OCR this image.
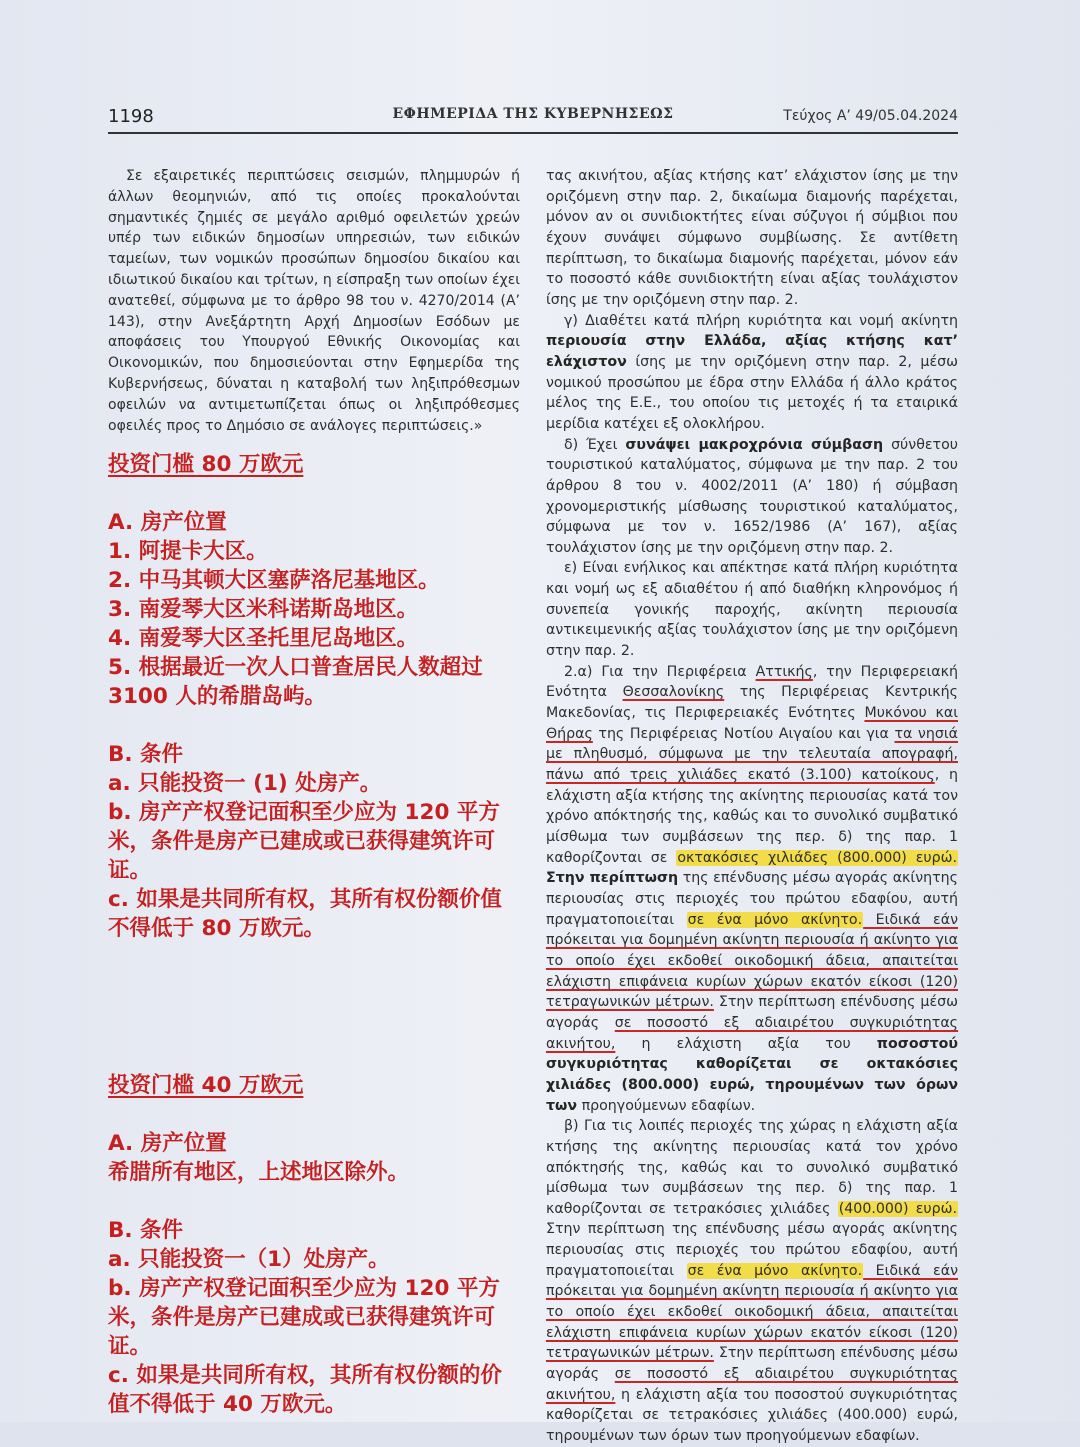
1198	ΕΦΗΜΕΡΙΔΑ ΤΗΣ ΚΥΒΕΡΝΗΣΕΩΣ	Τεύχος Α’ 49/05.04.2024

Σε εξαιρετικές περιπτώσεις σεισμών, πλημμυρών ή άλλων θεομηνιών, από τις οποίες προκαλούνται σημαντικές ζημιές σε μεγάλο αριθμό οφειλετών χρεών υπέρ των ειδικών δημοσίων υπηρεσιών, των ειδικών ταμείων, των νομικών προσώπων δημοσίου δικαίου και ιδιωτικού δικαίου και τρίτων, η είσπραξη των οποίων έχει ανατεθεί, σύμφωνα με το άρθρο 98 του ν. 4270/2014 (Α’ 143), στην Ανεξάρτητη Αρχή Δημοσίων Εσόδων με αποφάσεις του Υπουργού Εθνικής Οικονομίας και Οικονομικών, που δημοσιεύονται στην Εφημερίδα της Κυβερνήσεως, δύναται η καταβολή των ληξιπρόθεσμων οφειλών να αντιμετωπίζεται όπως οι ληξιπρόθεσμες οφειλές προς το Δημόσιο σε ανάλογες περιπτώσεις.»

投资门槛 80 万欧元

A. 房产位置

1. 阿提卡大区。

2. 中马其顿大区塞萨洛尼基地区。

3. 南爱琴大区米科诺斯岛地区。

4. 南爱琴大区圣托里尼岛地区。

5. 根据最近一次人口普查居民人数超过 3100 人的希腊岛屿。

B. 条件

a. 只能投资一 (1) 处房产。

b. 房产产权登记面积至少应为 120 平方米，条件是房产已建成或已获得建筑许可证。

c. 如果是共同所有权，其所有权份额价值不得低于 80 万欧元。

投资门槛 40 万欧元

A. 房产位置

希腊所有地区，上述地区除外。

B. 条件

a. 只能投资一（1）处房产。

b. 房产产权登记面积至少应为 120 平方米，条件是房产已建成或已获得建筑许可证。

c. 如果是共同所有权，其所有权份额的价值不得低于 40 万欧元。

τας ακινήτου, αξίας κτήσης κατ’ ελάχιστον ίσης με την οριζόμενη στην παρ. 2, δικαίωμα διαμονής παρέχεται, μόνον αν οι συνιδιοκτήτες είναι σύζυγοι ή σύμβιοι που έχουν συνάψει σύμφωνο συμβίωσης. Σε αντίθετη περίπτωση, το δικαίωμα διαμονής παρέχεται, μόνον εάν το ποσοστό κάθε συνιδιοκτήτη είναι αξίας τουλάχιστον ίσης με την οριζόμενη στην παρ. 2.

γ) Διαθέτει κατά πλήρη κυριότητα και νομή ακίνητη περιουσία στην Ελλάδα, αξίας κτήσης κατ’ ελάχιστον ίσης με την οριζόμενη στην παρ. 2, μέσω νομικού προσώπου με έδρα στην Ελλάδα ή άλλο κράτος μέλος της Ε.Ε., του οποίου τις μετοχές ή τα εταιρικά μερίδια κατέχει εξ ολοκλήρου.

δ) Έχει συνάψει μακροχρόνια σύμβαση σύνθετου τουριστικού καταλύματος, σύμφωνα με την παρ. 2 του άρθρου 8 του ν. 4002/2011 (Α’ 180) ή σύμβαση χρονομεριστικής μίσθωσης τουριστικού καταλύματος, σύμφωνα με τον ν. 1652/1986 (Α’ 167), αξίας τουλάχιστον ίσης με την οριζόμενη στην παρ. 2.

ε) Είναι ενήλικος και απέκτησε κατά πλήρη κυριότητα και νομή ως εξ αδιαθέτου ή από διαθήκη κληρονόμος ή συνεπεία γονικής παροχής, ακίνητη περιουσία αντικειμενικής αξίας τουλάχιστον ίσης με την οριζόμενη στην παρ. 2.

2.α) Για την Περιφέρεια Αττικής, την Περιφερειακή Ενότητα Θεσσαλονίκης της Περιφέρειας Κεντρικής Μακεδονίας, τις Περιφερειακές Ενότητες Μυκόνου και Θήρας της Περιφέρειας Νοτίου Αιγαίου και για τα νησιά με πληθυσμό, σύμφωνα με την τελευταία απογραφή, πάνω από τρεις χιλιάδες εκατό (3.100) κατοίκους, η ελάχιστη αξία κτήσης της ακίνητης περιουσίας κατά τον χρόνο απόκτησής της, καθώς και το συνολικό συμβατικό μίσθωμα των συμβάσεων της περ. δ) της παρ. 1 καθορίζονται σε οκτακόσιες χιλιάδες (800.000) ευρώ. Στην περίπτωση της επένδυσης μέσω αγοράς ακίνητης περιουσίας στις περιοχές του πρώτου εδαφίου, αυτή πραγματοποιείται σε ένα μόνο ακίνητο. Ειδικά εάν πρόκειται για δομημένη ακίνητη περιουσία ή ακίνητο για το οποίο έχει εκδοθεί οικοδομική άδεια, απαιτείται ελάχιστη επιφάνεια κυρίων χώρων εκατόν είκοσι (120) τετραγωνικών μέτρων. Στην περίπτωση επένδυσης μέσω αγοράς σε ποσοστό εξ αδιαιρέτου συγκυριότητας ακινήτου, η ελάχιστη αξία του ποσοστού συγκυριότητας καθορίζεται σε οκτακόσιες χιλιάδες (800.000) ευρώ, τηρουμένων των όρων των προηγούμενων εδαφίων.

β) Για τις λοιπές περιοχές της χώρας η ελάχιστη αξία κτήσης της ακίνητης περιουσίας κατά τον χρόνο απόκτησής της, καθώς και το συνολικό συμβατικό μίσθωμα των συμβάσεων της περ. δ) της παρ. 1 καθορίζονται σε τετρακόσιες χιλιάδες (400.000) ευρώ. Στην περίπτωση της επένδυσης μέσω αγοράς ακίνητης περιουσίας στις περιοχές του πρώτου εδαφίου, αυτή πραγματοποιείται σε ένα μόνο ακίνητο. Ειδικά εάν πρόκειται για δομημένη ακίνητη περιουσία ή ακίνητο για το οποίο έχει εκδοθεί οικοδομική άδεια, απαιτείται ελάχιστη επιφάνεια κυρίων χώρων εκατόν είκοσι (120) τετραγωνικών μέτρων. Στην περίπτωση επένδυσης μέσω αγοράς σε ποσοστό εξ αδιαιρέτου συγκυριότητας ακινήτου, η ελάχιστη αξία του ποσοστού συγκυριότητας καθορίζεται σε τετρακόσιες χιλιάδες (400.000) ευρώ, τηρουμένων των όρων των προηγούμενων εδαφίων.
